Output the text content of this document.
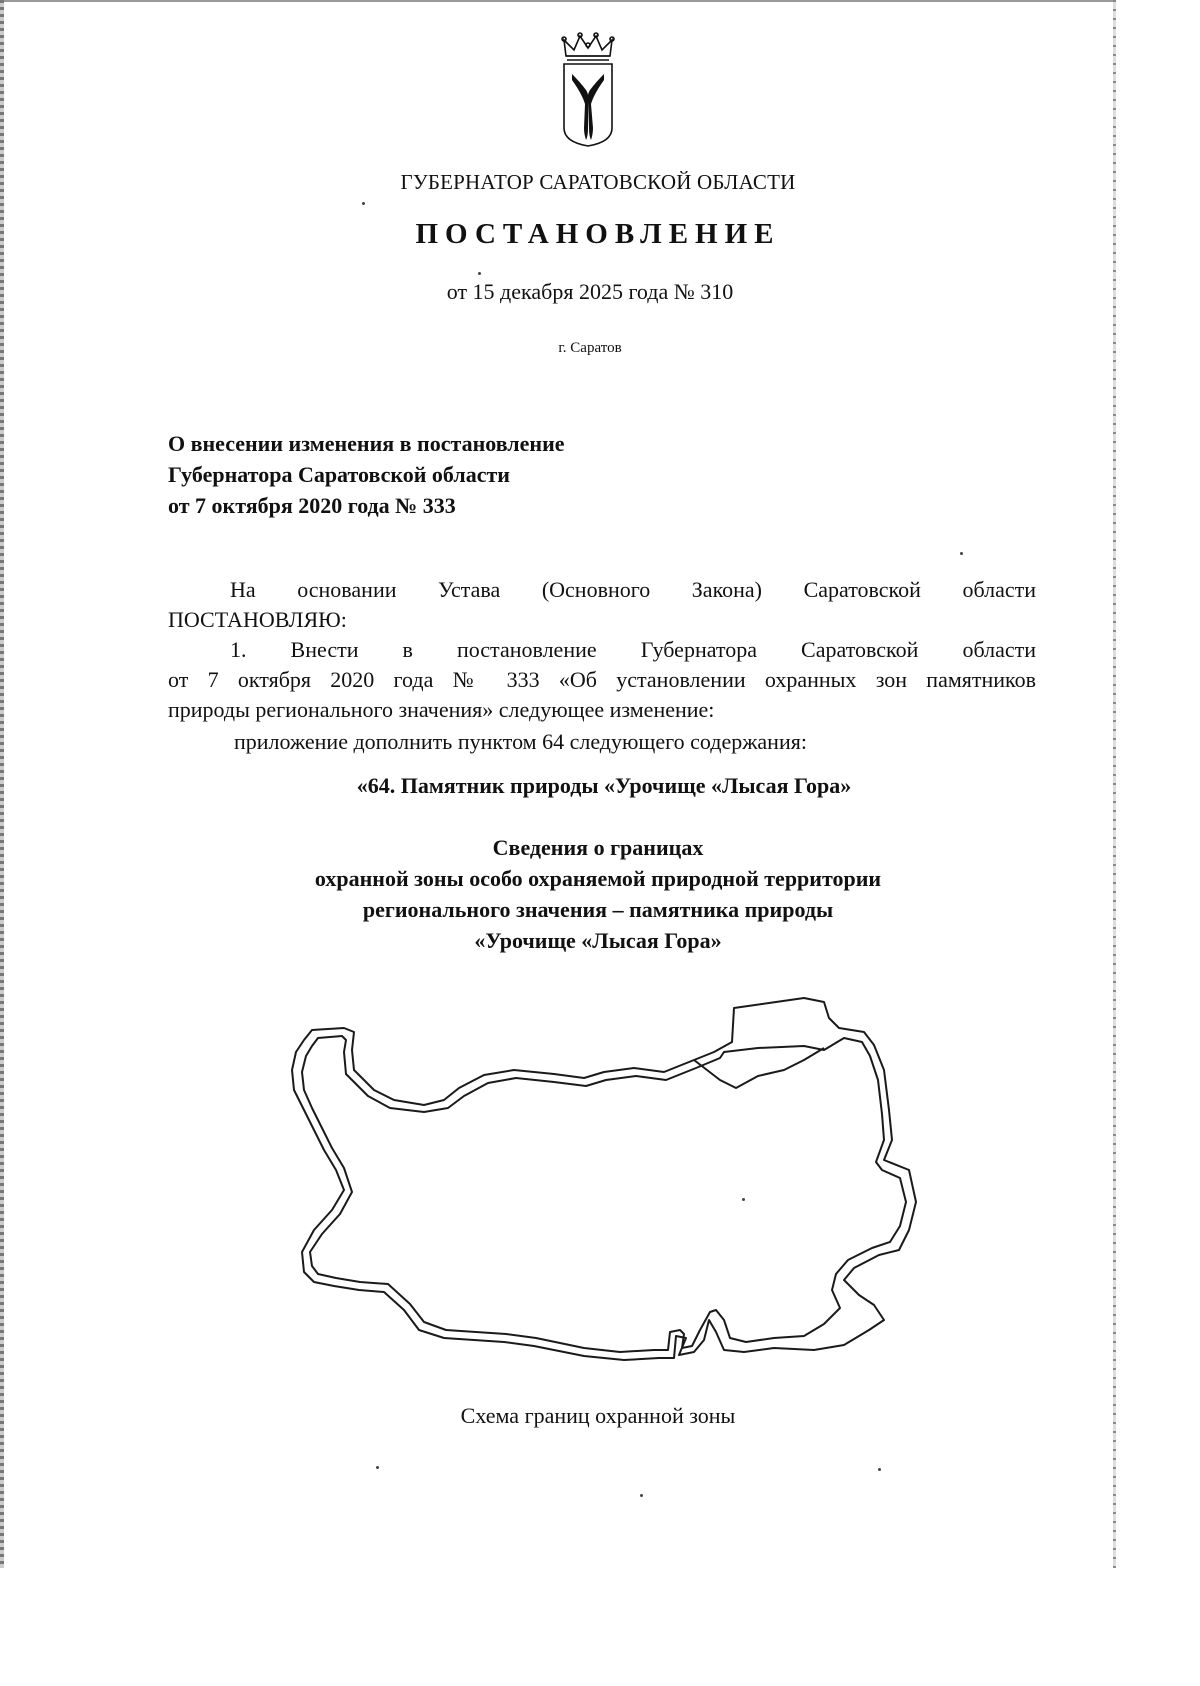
ГУБЕРНАТОР САРАТОВСКОЙ ОБЛАСТИ
ПОСТАНОВЛЕНИЕ
от 15 декабря 2025 года № 310
г. Саратов
О внесении изменения в постановление
Губернатора Саратовской области
от 7 октября 2020 года № 333
На основании Устава (Основного Закона) Саратовской области
ПОСТАНОВЛЯЮ:
1. Внести в постановление Губернатора Саратовской области
от 7 октября 2020 года № 333 «Об установлении охранных зон памятников
природы регионального значения» следующее изменение:
приложение дополнить пунктом 64 следующего содержания:
«64. Памятник природы «Урочище «Лысая Гора»
Сведения о границах
охранной зоны особо охраняемой природной территории
регионального значения – памятника природы
«Урочище «Лысая Гора»
Схема границ охранной зоны
